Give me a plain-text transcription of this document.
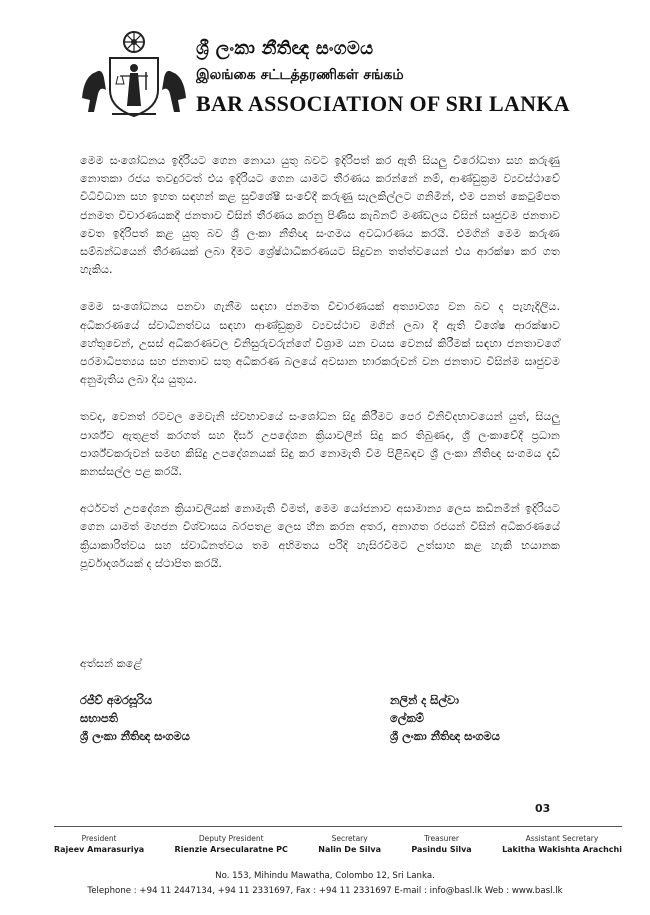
ශ්‍රී ලංකා නීතිඥ සංගමය
இலங்கை சட்டத்தரணிகள் சங்கம்
BAR ASSOCIATION OF SRI LANKA

මෙම සංශෝධනය ඉදිරියට ගෙන නොයා යුතු බවට ඉදිරිපත් කර ඇති සියලු විරෝධතා සහ කරුණු නොතකා රජය තවදුරටත් එය ඉදිරියට ගෙන යාමට තීරණය කරන්නේ නම්, ආණ්ඩුක්‍රම ව්‍යවස්ථාවේ විධිවිධාන සහ ඉහත සඳහන් කළ සුවිශේෂී සංවේදී කරුණු සැලකිල්ලට ගනිමින්, එම පනත් කෙටුම්පත ජනමත විචාරණයකදී ජනතාව විසින් තීරණය කරනු පිණිස කැබිනට් මණ්ඩලය විසින් සෘජුවම ජනතාව වෙත ඉදිරිපත් කළ යුතු බව ශ්‍රී ලංකා නීතිඥ සංගමය අවධාරණය කරයි. එමගින් මෙම කරුණ සම්බන්ධයෙන් තීරණයක් ලබා දීමට ශ්‍රේෂ්ඨාධිකරණයට සිදුවන තත්ත්වයෙන් එය ආරක්ෂා කර ගත හැකිය.

මෙම සංශෝධනය පනවා ගැනීම සඳහා ජනමත විචාරණයක් අත්‍යාවශ්‍ය වන බව ද පැහැදිලිය. අධිකරණයේ ස්වාධීනත්වය සඳහා ආණ්ඩුක්‍රම ව්‍යවස්ථාව මගින් ලබා දී ඇති විශේෂ ආරක්ෂාව හේතුවෙන්, උසස් අධිකරණවල විනිසුරුවරුන්ගේ විශ්‍රාම යන වයස වෙනස් කිරීමක් සඳහා ජනතාවගේ පරමාධිපත්‍යය සහ ජනතාව සතු අධිකරණ බලයේ අවසාන භාරකරුවන් වන ජනතාව විසින්ම සෘජුවම අනුමැතිය ලබා දිය යුතුය.

තවද, වෙනත් රටවල මෙවැනි ස්වභාවයේ සංශෝධන සිදු කිරීමට පෙර විනිවිදභාවයෙන් යුත්, සියලු පාර්ශ්ව ඇතුළත් කරගත් සහ දීර්ඝ උපදේශන ක්‍රියාවලීන් සිදු කර තිබුණද, ශ්‍රී ලංකාවේදී ප්‍රධාන පාර්ශ්වකරුවන් සමඟ කිසිදු උපදේශනයක් සිදු කර නොමැති වීම පිළිබඳව ශ්‍රී ලංකා නීතිඥ සංගමය දැඩි කනස්සල්ල පළ කරයි.

අර්ථවත් උපදේශන ක්‍රියාවලියක් නොමැති වීමත්, මෙම යෝජනාව අසාමාන්‍ය ලෙස කඩිනමින් ඉදිරියට ගෙන යාමත් මහජන විශ්වාසය බරපතළ ලෙස හීන කරන අතර, අනාගත රජයන් විසින් අධිකරණයේ ක්‍රියාකාරිත්වය සහ ස්වාධීනත්වය තම අභිමතය පරිදි හැසිරවීමට උත්සාහ කළ හැකි භයානක පූර්වාදර්ශයක් ද ස්ථාපිත කරයි.

අත්සන් කළේ
රජීව් අමරසූරිය
සභාපති
ශ්‍රී ලංකා නීතිඥ සංගමය
නලින් ද සිල්වා
ලේකම්
ශ්‍රී ලංකා නීතිඥ සංගමය
03
President
Rajeev Amarasuriya
Deputy President
Rienzie Arsecularatne PC
Secretary
Nalin De Silva
Treasurer
Pasindu Silva
Assistant Secretary
Lakitha Wakishta Arachchi
No. 153, Mihindu Mawatha, Colombo 12, Sri Lanka.
Telephone : +94 11 2447134, +94 11 2331697, Fax : +94 11 2331697 E-mail : info@basl.lk Web : www.basl.lk
